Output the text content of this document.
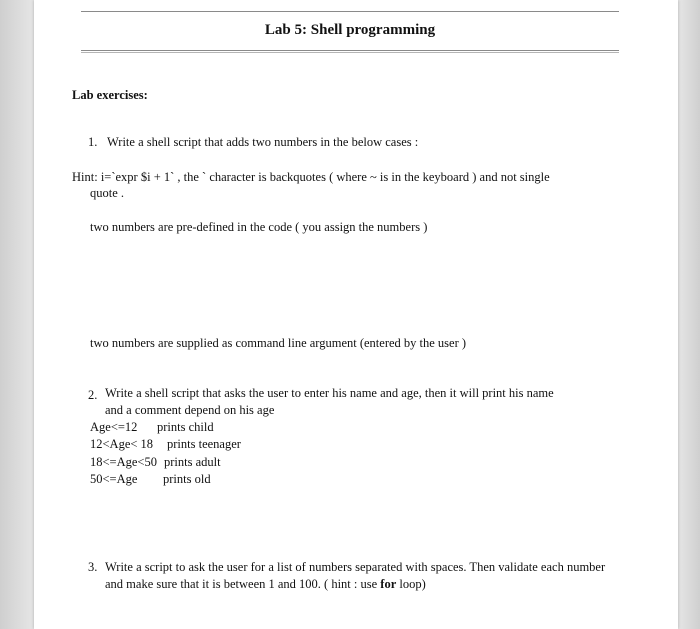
Lab 5: Shell programming
Lab exercises:
1. Write a shell script that adds two numbers in the below cases :
Hint: i=`expr $i + 1` , the ` character is backquotes ( where ~ is in the keyboard ) and not single
quote .
two numbers are pre-defined in the code ( you assign the numbers )
two numbers are supplied as command line argument (entered by the user )
2. Write a shell script that asks the user to enter his name and age, then it will print his name
and a comment depend on his age
Age<=12 prints child
12<Age< 18 prints teenager
18<=Age<50 prints adult
50<=Age prints old
3. Write a script to ask the user for a list of numbers separated with spaces. Then validate each number
and make sure that it is between 1 and 100. ( hint : use for loop)
